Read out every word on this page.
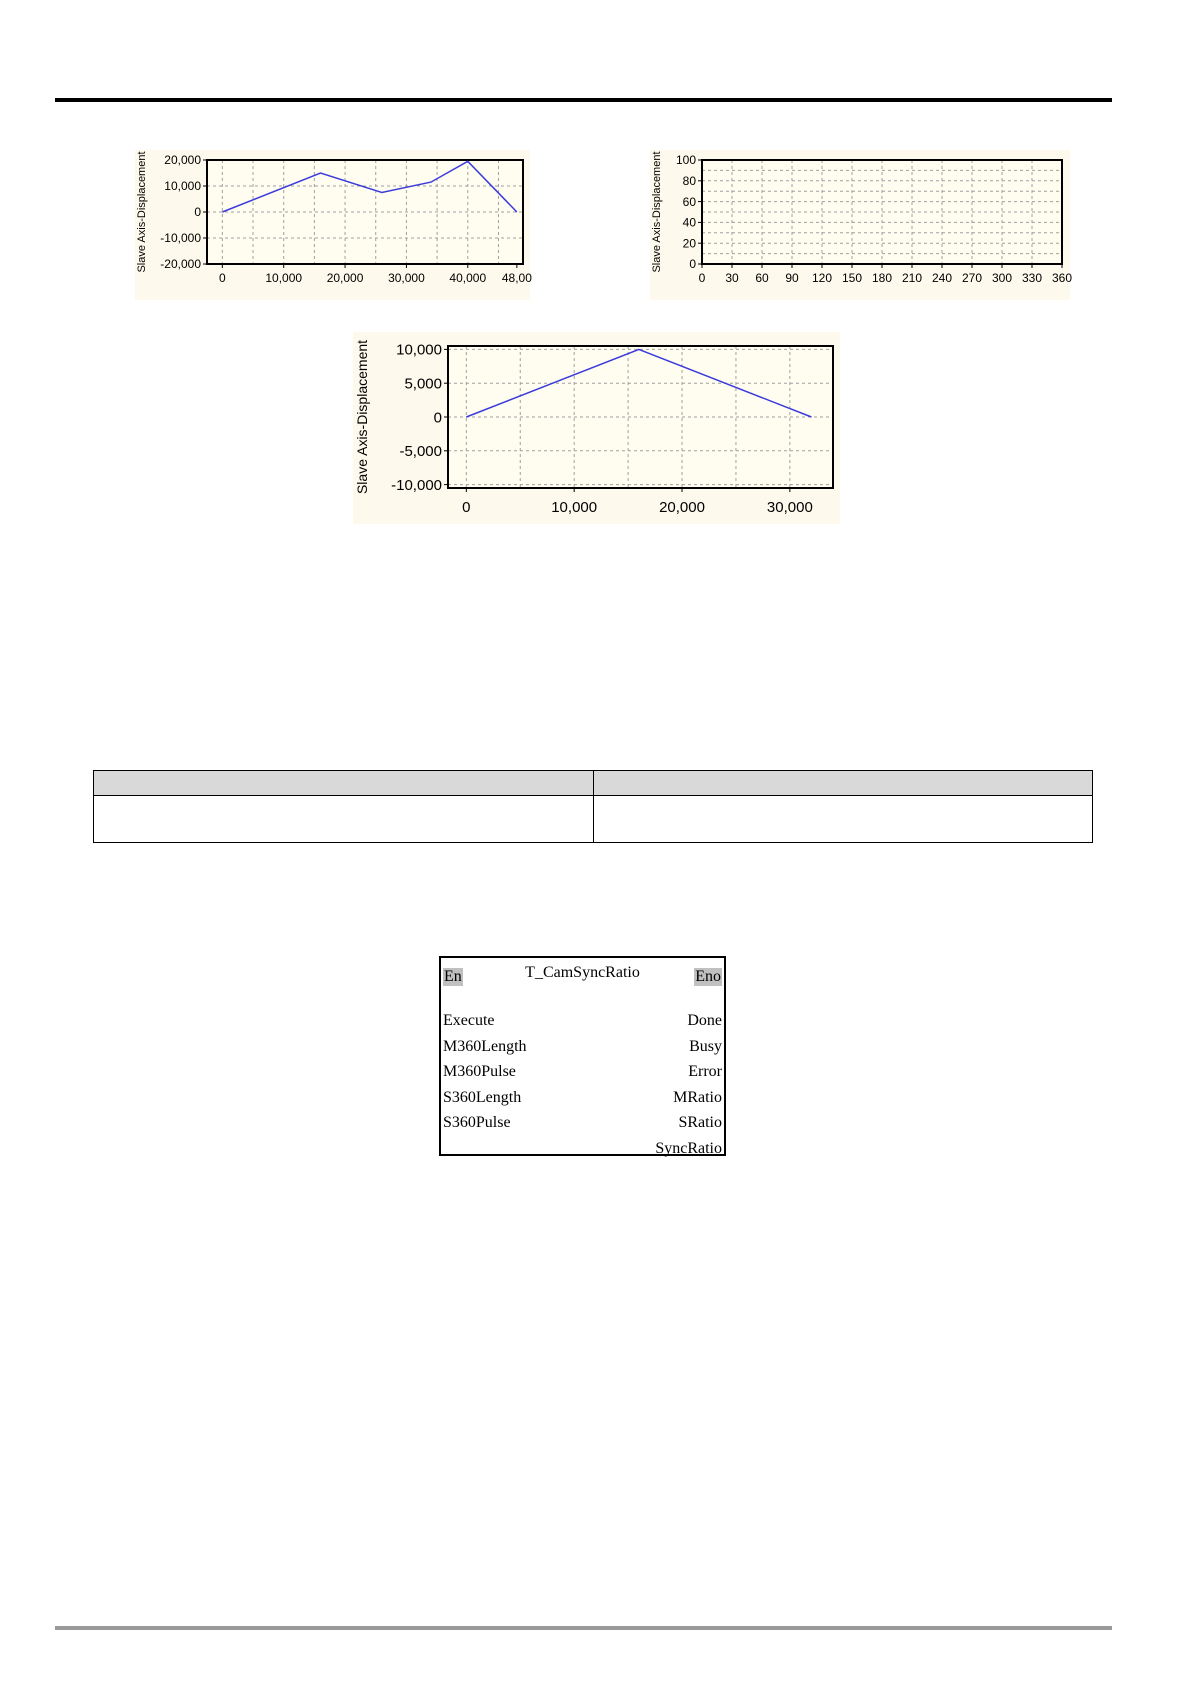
20,000
10,000
0
-10,000
-20,000
0	10,000 20,000 30,000 40,000 48,00
Slave Axis-Displacement	100
80
60
40
20
0
0 30 60 90 120 150 180 210 240 270 300 330 360
Slave Axis-Displacement
10,000
5,000
0
-5,000
-10,000
0	10,000	20,000	30,000
Slave Axis-Displacement

T_CamSyncRatio
En	Eno
Execute
M360Length
M360Pulse
S360Length
S360Pulse
Done
Busy
Error
MRatio
SRatio
SyncRatio
